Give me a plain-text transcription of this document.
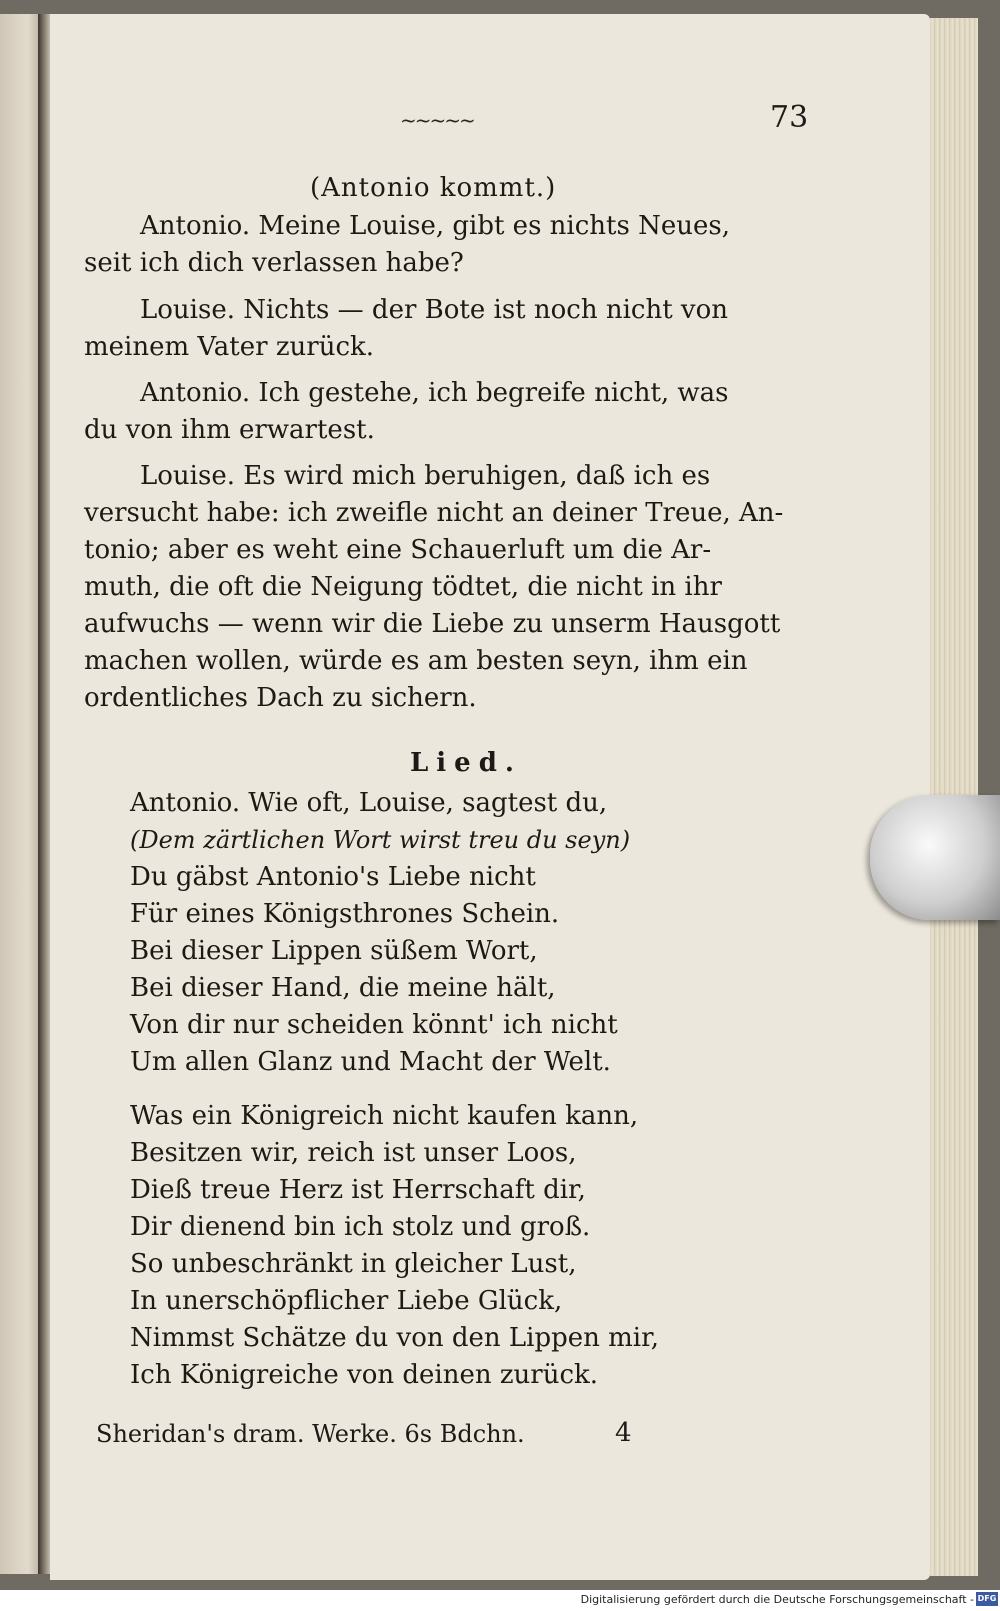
~~~~~	73
(Antonio kommt.)
Antonio. Meine Louise, gibt es nichts Neues,
seit ich dich verlassen habe?
Louise. Nichts — der Bote ist noch nicht von
meinem Vater zurück.
Antonio. Ich gestehe, ich begreife nicht, was
du von ihm erwartest.
Louise. Es wird mich beruhigen, daß ich es
versucht habe: ich zweifle nicht an deiner Treue, An-
tonio; aber es weht eine Schauerluft um die Ar-
muth, die oft die Neigung tödtet, die nicht in ihr
aufwuchs — wenn wir die Liebe zu unserm Hausgott
machen wollen, würde es am besten seyn, ihm ein
ordentliches Dach zu sichern.
Lied.
Antonio. Wie oft, Louise, sagtest du,
(Dem zärtlichen Wort wirst treu du seyn)
Du gäbst Antonio's Liebe nicht
Für eines Königsthrones Schein.
Bei dieser Lippen süßem Wort,
Bei dieser Hand, die meine hält,
Von dir nur scheiden könnt' ich nicht
Um allen Glanz und Macht der Welt.
Was ein Königreich nicht kaufen kann,
Besitzen wir, reich ist unser Loos,
Dieß treue Herz ist Herrschaft dir,
Dir dienend bin ich stolz und groß.
So unbeschränkt in gleicher Lust,
In unerschöpflicher Liebe Glück,
Nimmst Schätze du von den Lippen mir,
Ich Königreiche von deinen zurück.
Sheridan's dram. Werke. 6s Bdchn.	4
Digitalisierung gefördert durch die Deutsche Forschungsgemeinschaft - DFG
